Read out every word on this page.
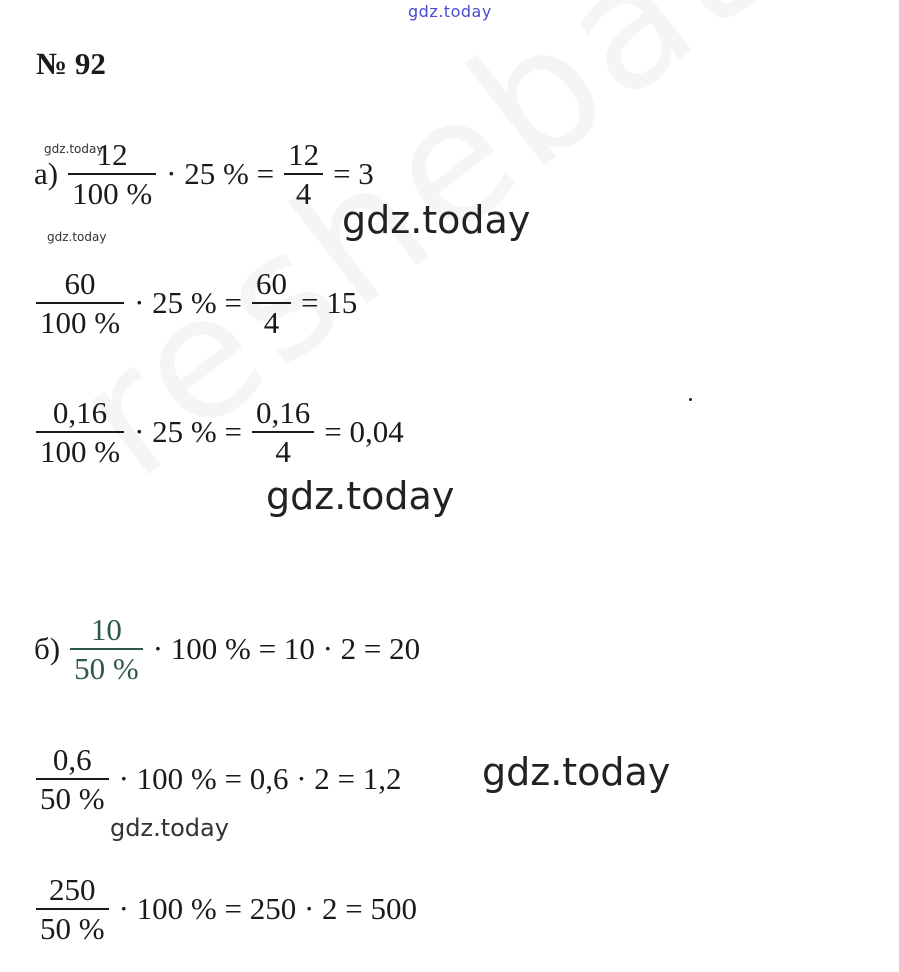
gdz.today
№ 92
$а) \frac{12}{100 \%} \cdot 25$ % = $\frac{12}{4} = 3$
$\frac{60}{100 \%} \cdot 25$ % = $\frac{60}{4} = 15$
$\frac{0,16}{100 \%} \cdot 25$ % = $\frac{0,16}{4} = 0,04$
$б) \frac{10}{50 \%} \cdot 100$ % = 10 · 2 = 20
$\frac{0,6}{50 \%} \cdot 100$ % = 0,6 · 2 = 1,2
$\frac{250}{50 \%} \cdot 100$ % = 250 · 2 = 500
gdz.today
gdz.today	gdz.today
gdz.today
gdz.today
gdz.today
